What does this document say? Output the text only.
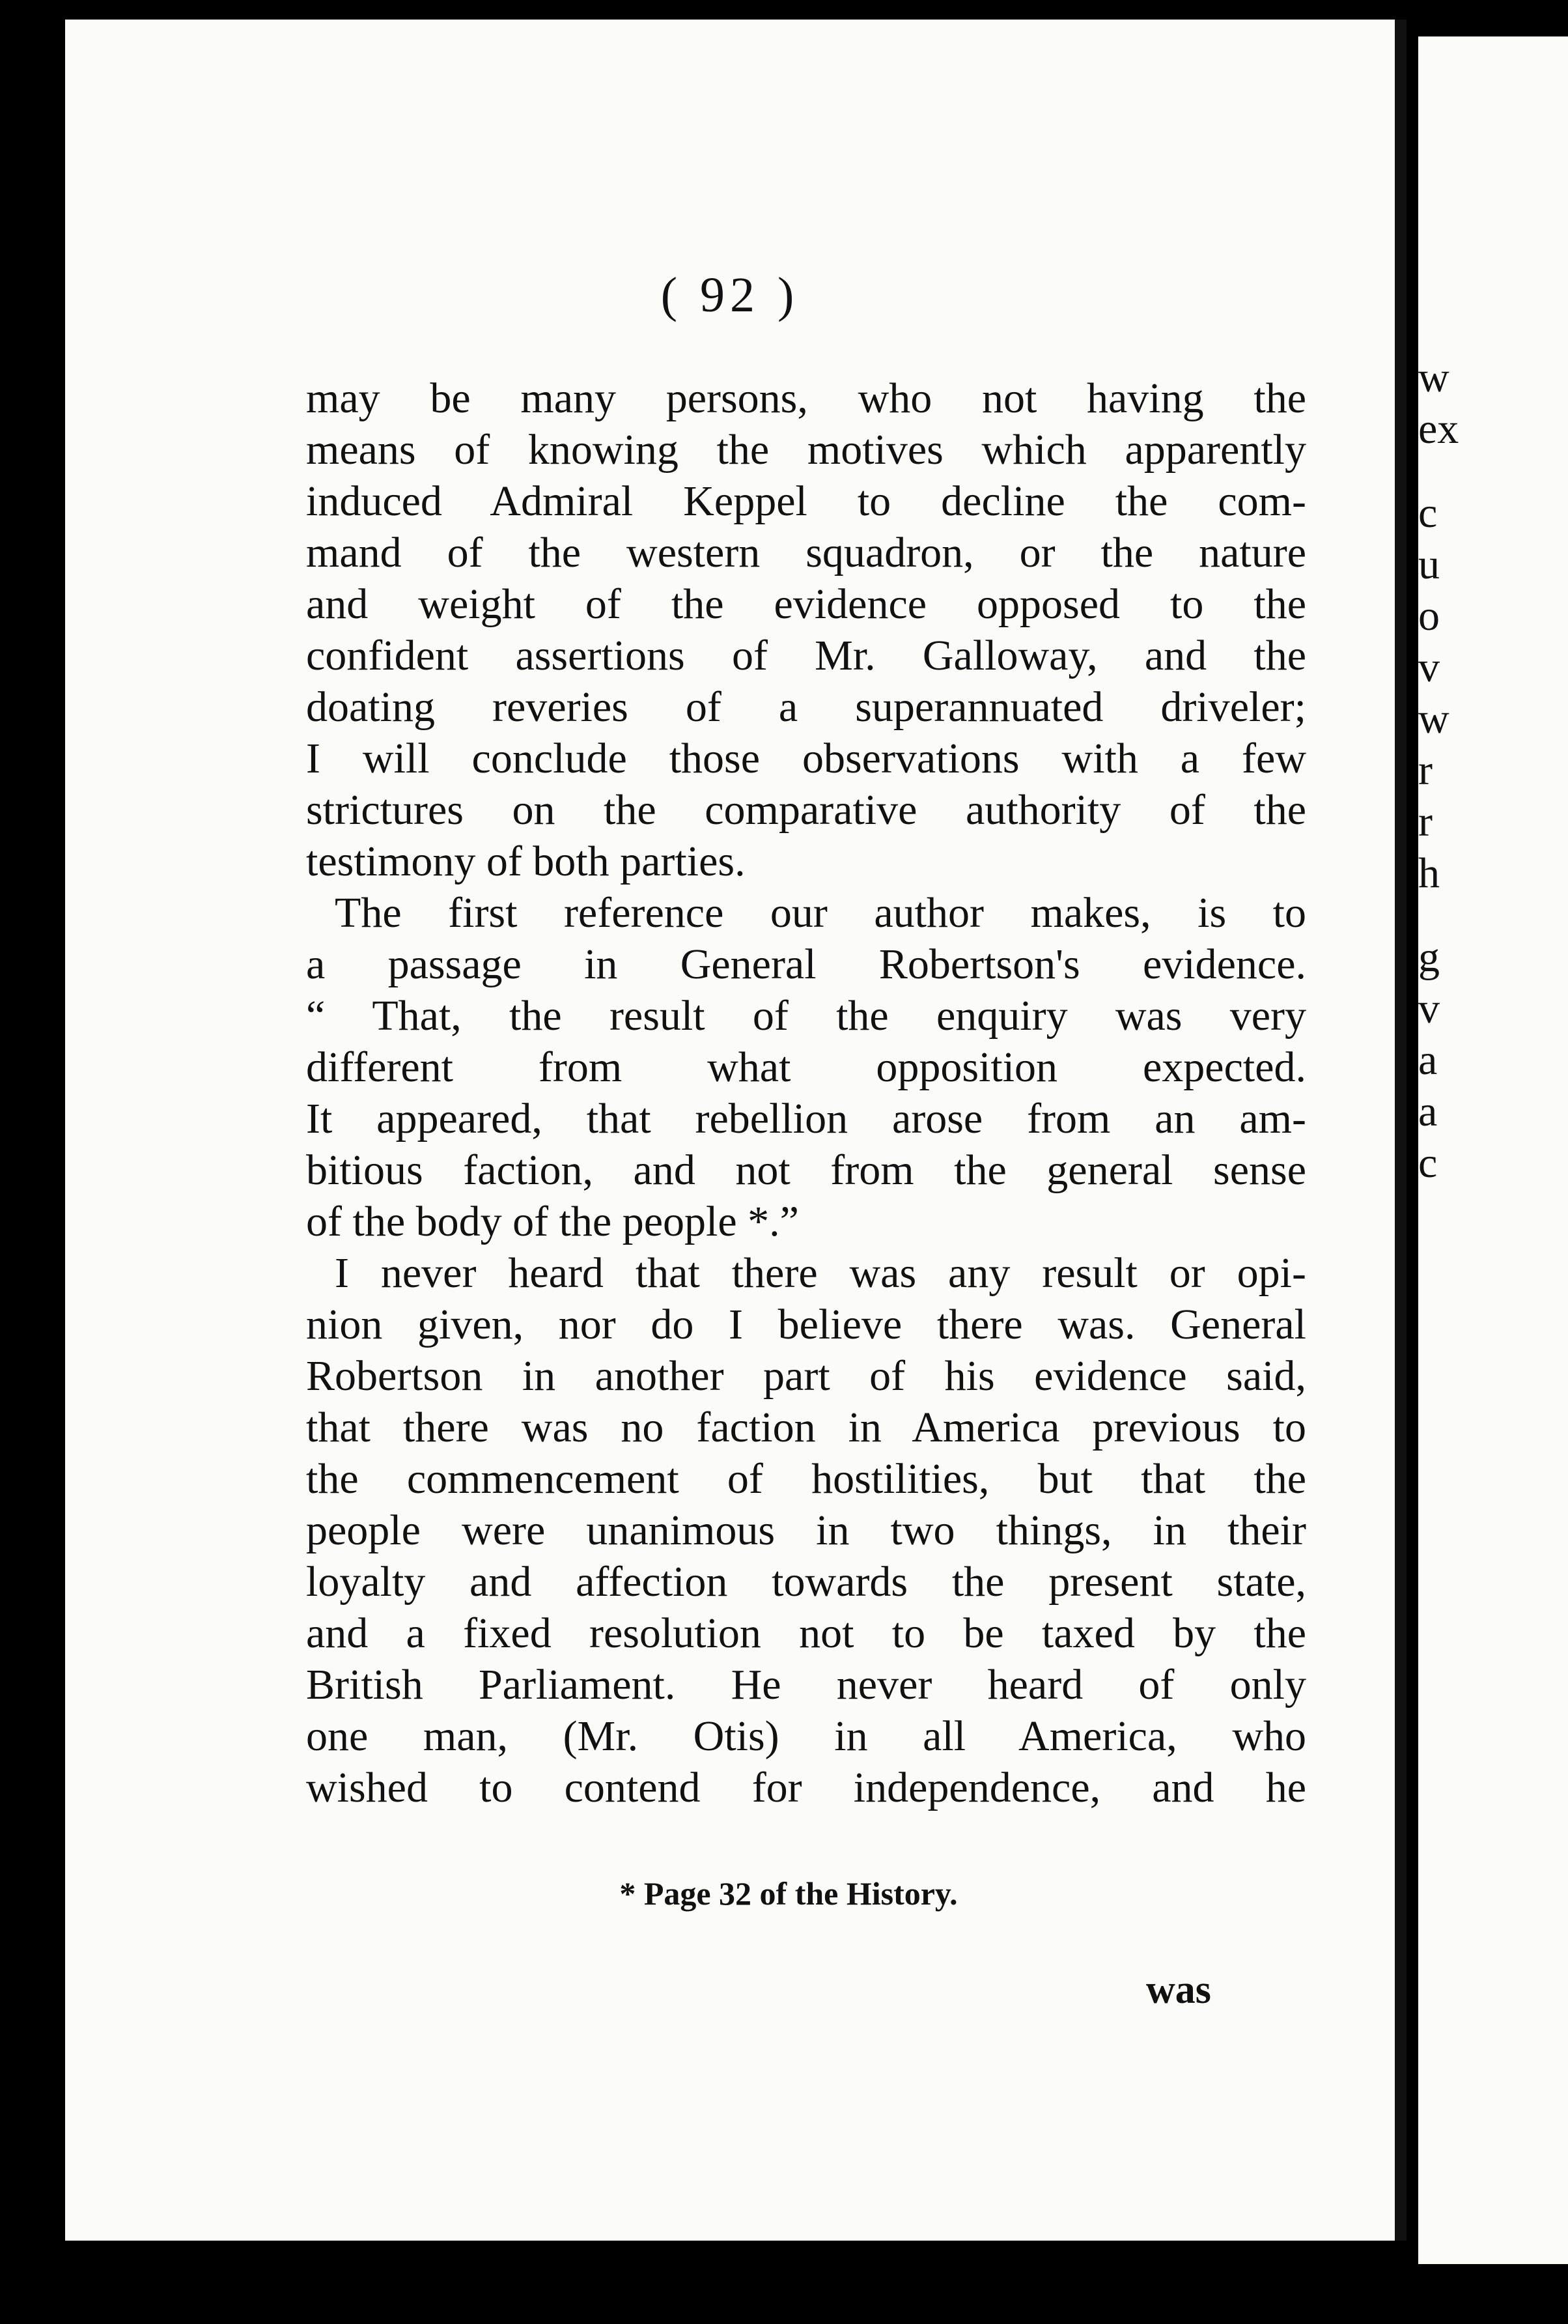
( 92 )
may be many persons, who not having the
means of knowing the motives which apparently
induced Admiral Keppel to decline the com-
mand of the western squadron, or the nature
and weight of the evidence opposed to the
confident assertions of Mr. Galloway, and the
doating reveries of a superannuated driveler;
I will conclude those observations with a few
strictures on the comparative authority of the
testimony of both parties.
The first reference our author makes, is to
a passage in General Robertson's evidence.
“ That, the result of the enquiry was very
different from what opposition expected.
It appeared, that rebellion arose from an am-
bitious faction, and not from the general sense
of the body of the people *.”
I never heard that there was any result or opi-
nion given, nor do I believe there was. General
Robertson in another part of his evidence said,
that there was no faction in America previous to
the commencement of hostilities, but that the
people were unanimous in two things, in their
loyalty and affection towards the present state,
and a fixed resolution not to be taxed by the
British Parliament. He never heard of only
one man, (Mr. Otis) in all America, who
wished to contend for independence, and he
* Page 32 of the History.
was
w
ex
c
u
o
v
w
r
r
h
g
v
a
a
c
